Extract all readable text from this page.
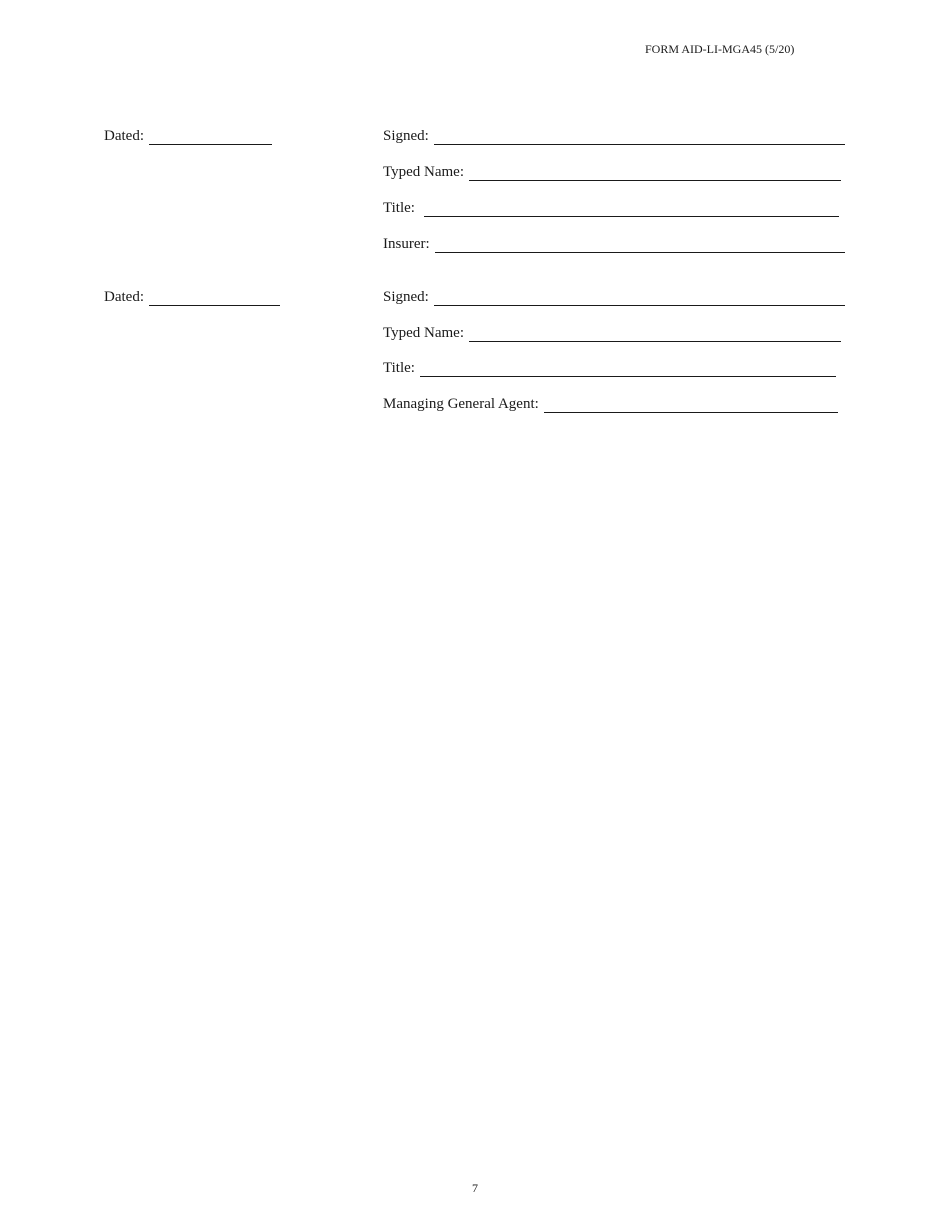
FORM AID-LI-MGA45 (5/20)
Dated:	Signed:
Typed Name:
Title:
Insurer:
Dated:	Signed:
Typed Name:
Title:
Managing General Agent:
7
